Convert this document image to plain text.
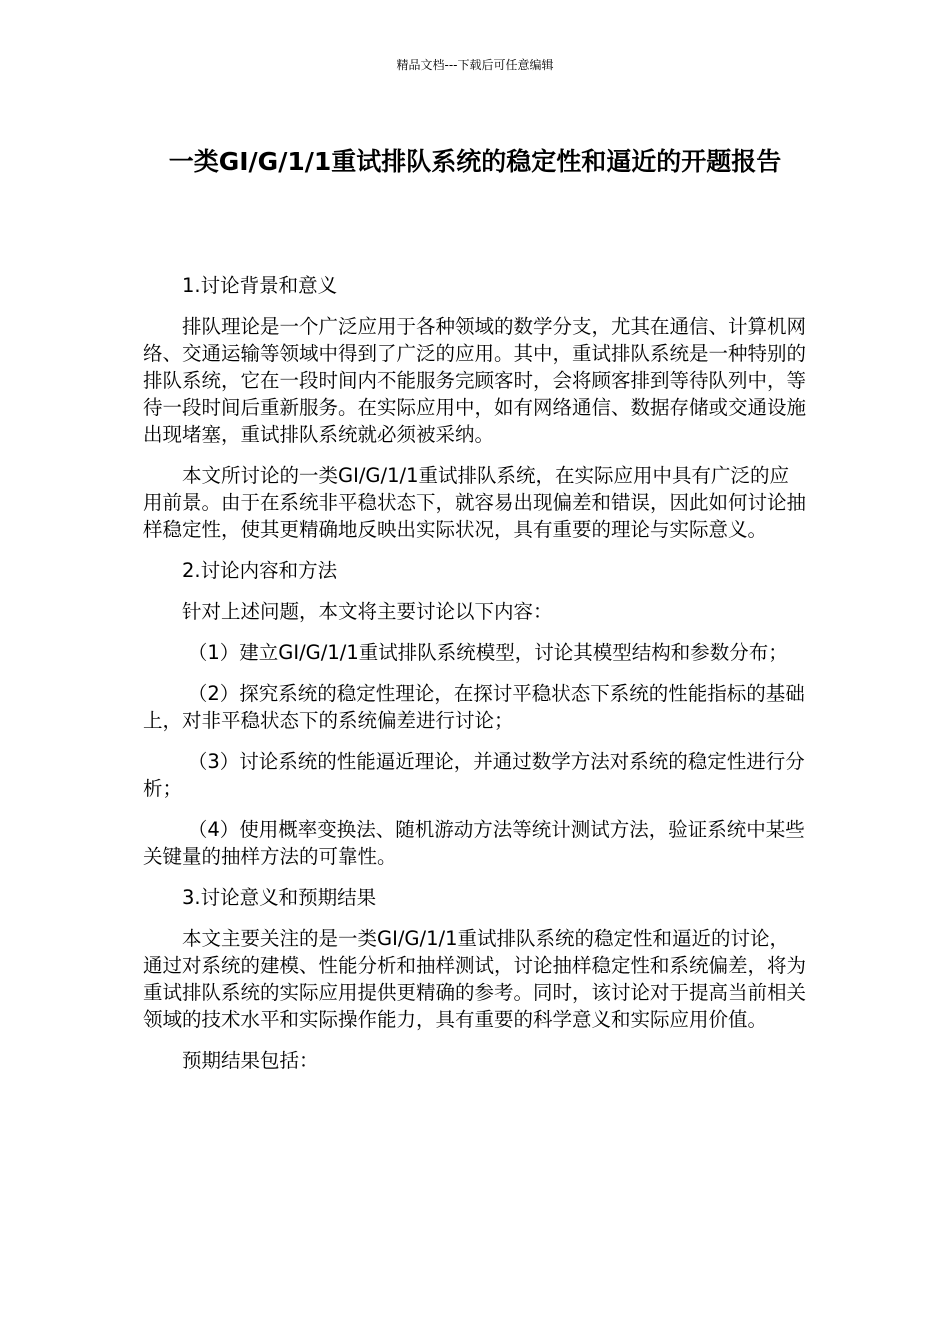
精品文档---下载后可任意编辑
一类GI/G/1/1重试排队系统的稳定性和逼近的开题报告

1.讨论背景和意义

排队理论是一个广泛应用于各种领域的数学分支，尤其在通信、计算机网络、交通运输等领域中得到了广泛的应用。其中，重试排队系统是一种特别的排队系统，它在一段时间内不能服务完顾客时，会将顾客排到等待队列中，等待一段时间后重新服务。在实际应用中，如有网络通信、数据存储或交通设施出现堵塞，重试排队系统就必须被采纳。

本文所讨论的一类GI/G/1/1重试排队系统，在实际应用中具有广泛的应用前景。由于在系统非平稳状态下，就容易出现偏差和错误，因此如何讨论抽样稳定性，使其更精确地反映出实际状况，具有重要的理论与实际意义。

2.讨论内容和方法

针对上述问题，本文将主要讨论以下内容：

（1）建立GI/G/1/1重试排队系统模型，讨论其模型结构和参数分布；

（2）探究系统的稳定性理论，在探讨平稳状态下系统的性能指标的基础上，对非平稳状态下的系统偏差进行讨论；

（3）讨论系统的性能逼近理论，并通过数学方法对系统的稳定性进行分析；

（4）使用概率变换法、随机游动方法等统计测试方法，验证系统中某些关键量的抽样方法的可靠性。

3.讨论意义和预期结果

本文主要关注的是一类GI/G/1/1重试排队系统的稳定性和逼近的讨论，通过对系统的建模、性能分析和抽样测试，讨论抽样稳定性和系统偏差，将为重试排队系统的实际应用提供更精确的参考。同时，该讨论对于提高当前相关领域的技术水平和实际操作能力，具有重要的科学意义和实际应用价值。

预期结果包括：
